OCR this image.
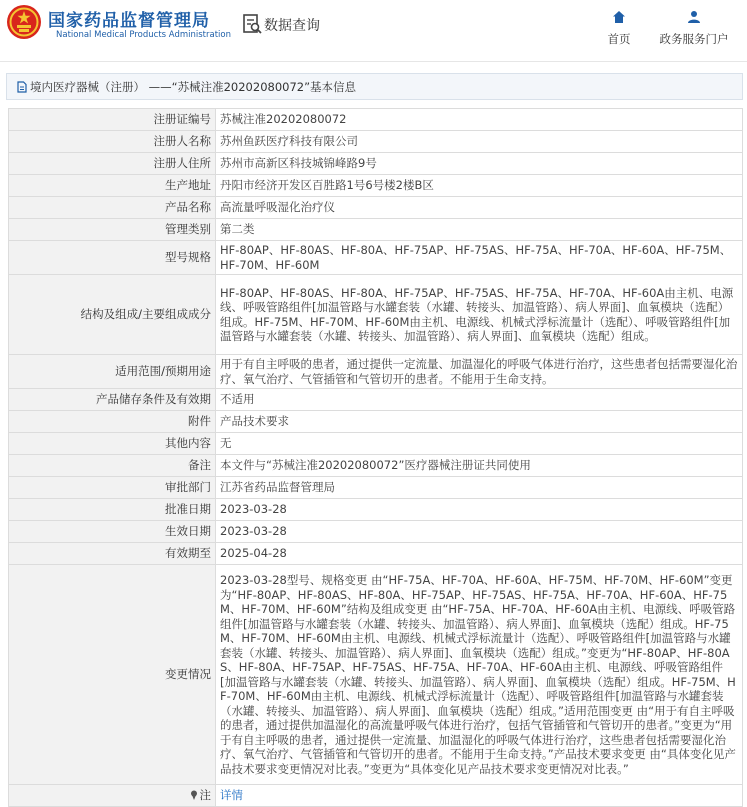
国家药品监督管理局
National Medical Products Administration
数据查询
首页	政务服务门户
境内医疗器械（注册） ——“苏械注准20202080072”基本信息
注册证编号	苏械注准20202080072
注册人名称	苏州鱼跃医疗科技有限公司
注册人住所	苏州市高新区科技城锦峰路9号
生产地址	丹阳市经济开发区百胜路1号6号楼2楼B区
产品名称	高流量呼吸湿化治疗仪
管理类别	第二类
型号规格	HF-80AP、HF-80AS、HF-80A、HF-75AP、HF-75AS、HF-75A、HF-70A、HF-60A、HF-75M、HF-70M、HF-60M
结构及组成/主要组成成分	HF-80AP、HF-80AS、HF-80A、HF-75AP、HF-75AS、HF-75A、HF-70A、HF-60A由主机、电源线、呼吸管路组件[加温管路与水罐套装（水罐、转接头、加温管路）、病人界面]、血氧模块（选配）组成。HF-75M、HF-70M、HF-60M由主机、电源线、机械式浮标流量计（选配）、呼吸管路组件[加温管路与水罐套装（水罐、转接头、加温管路）、病人界面]、血氧模块（选配）组成。
适用范围/预期用途	用于有自主呼吸的患者，通过提供一定流量、加温湿化的呼吸气体进行治疗，这些患者包括需要湿化治疗、氧气治疗、气管插管和气管切开的患者。不能用于生命支持。
产品储存条件及有效期	不适用
附件	产品技术要求
其他内容	无
备注	本文件与“苏械注准20202080072”医疗器械注册证共同使用
审批部门	江苏省药品监督管理局
批准日期	2023-03-28
生效日期	2023-03-28
有效期至	2025-04-28
变更情况	2023-03-28型号、规格变更 由“HF-75A、HF-70A、HF-60A、HF-75M、HF-70M、HF-60M”变更为“HF-80AP、HF-80AS、HF-80A、HF-75AP、HF-75AS、HF-75A、HF-70A、HF-60A、HF-75M、HF-70M、HF-60M”结构及组成变更 由“HF-75A、HF-70A、HF-60A由主机、电源线、呼吸管路组件[加温管路与水罐套装（水罐、转接头、加温管路）、病人界面]、血氧模块（选配）组成。HF-75M、HF-70M、HF-60M由主机、电源线、机械式浮标流量计（选配）、呼吸管路组件[加温管路与水罐套装（水罐、转接头、加温管路）、病人界面]、血氧模块（选配）组成。”变更为“HF-80AP、HF-80AS、HF-80A、HF-75AP、HF-75AS、HF-75A、HF-70A、HF-60A由主机、电源线、呼吸管路组件[加温管路与水罐套装（水罐、转接头、加温管路）、病人界面]、血氧模块（选配）组成。HF-75M、HF-70M、HF-60M由主机、电源线、机械式浮标流量计（选配）、呼吸管路组件[加温管路与水罐套装（水罐、转接头、加温管路）、病人界面]、血氧模块（选配）组成。”适用范围变更 由“用于有自主呼吸的患者，通过提供加温湿化的高流量呼吸气体进行治疗，包括气管插管和气管切开的患者。”变更为“用于有自主呼吸的患者，通过提供一定流量、加温湿化的呼吸气体进行治疗，这些患者包括需要湿化治疗、氧气治疗、气管插管和气管切开的患者。不能用于生命支持。”产品技术要求变更 由“具体变化见产品技术要求变更情况对比表。”变更为“具体变化见产品技术要求变更情况对比表。”
注	详情
